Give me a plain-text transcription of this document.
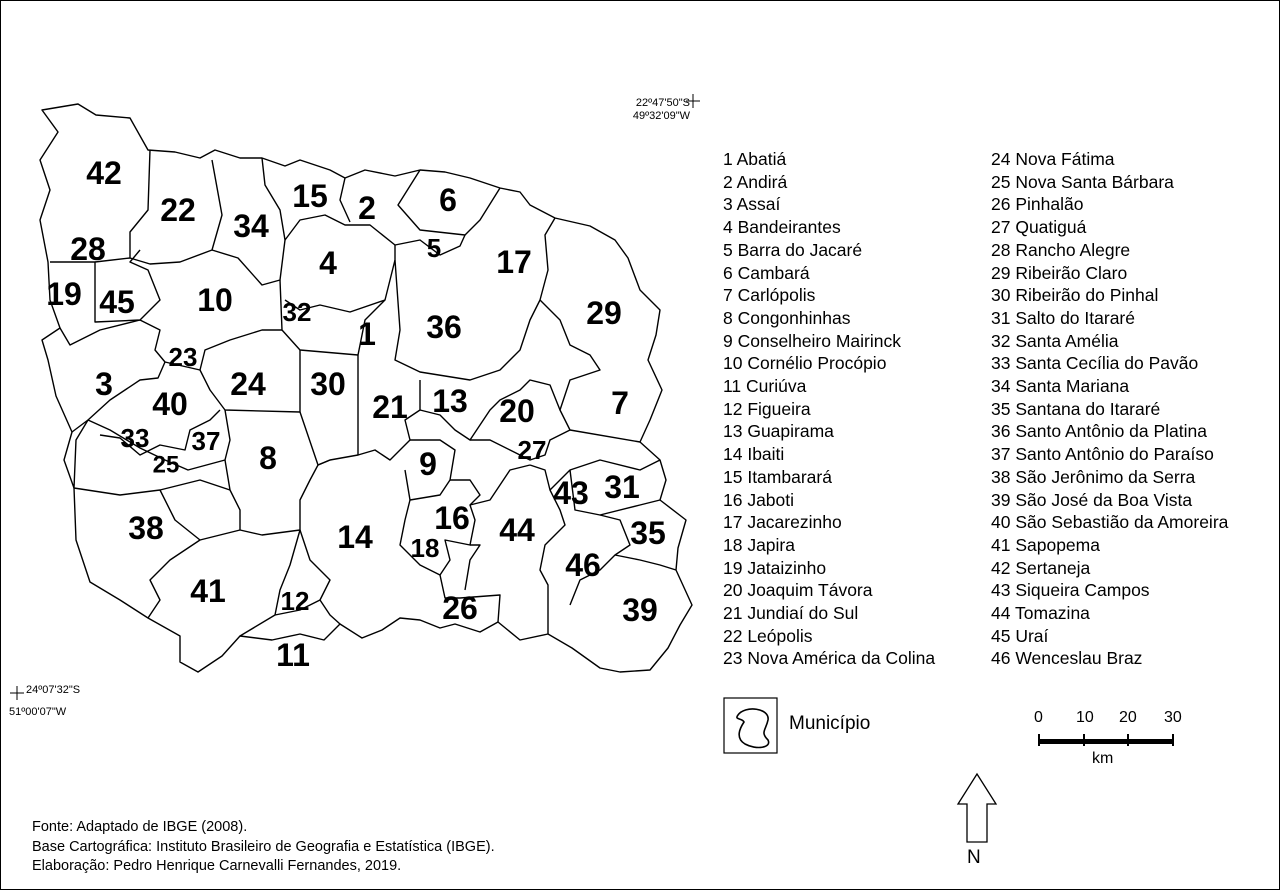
1
2
3
4	5
6
7
8	9
10
11
12
13
14
15
16
17
18
19
20
21
22
23
24
25
26
27
28
29
30
31
32
33
34
35
36
37
38
39
40
41
42
43
44
45
46
22º47'50"S
49º32'09"W
24º07'32"S
51º00'07"W
1 Abatiá
2 Andirá
3 Assaí
4 Bandeirantes
5 Barra do Jacaré
6 Cambará
7 Carlópolis
8 Congonhinhas
9 Conselheiro Mairinck
10 Cornélio Procópio
11 Curiúva
12 Figueira
13 Guapirama
14 Ibaiti
15 Itambarará
16 Jaboti
17 Jacarezinho
18 Japira
19 Jataizinho
20 Joaquim Távora
21 Jundiaí do Sul
22 Leópolis
23 Nova América da Colina
24 Nova Fátima
25 Nova Santa Bárbara
26 Pinhalão
27 Quatiguá
28 Rancho Alegre
29 Ribeirão Claro
30 Ribeirão do Pinhal
31 Salto do Itararé
32 Santa Amélia
33 Santa Cecília do Pavão
34 Santa Mariana
35 Santana do Itararé
36 Santo Antônio da Platina
37 Santo Antônio do Paraíso
38 São Jerônimo da Serra
39 São José da Boa Vista
40 São Sebastião da Amoreira
41 Sapopema
42 Sertaneja
43 Siqueira Campos
44 Tomazina
45 Uraí
46 Wenceslau Braz
Município	0 10 20 30
km
N
Fonte: Adaptado de IBGE (2008).
Base Cartográfica: Instituto Brasileiro de Geografia e Estatística (IBGE).
Elaboração: Pedro Henrique Carnevalli Fernandes, 2019.
